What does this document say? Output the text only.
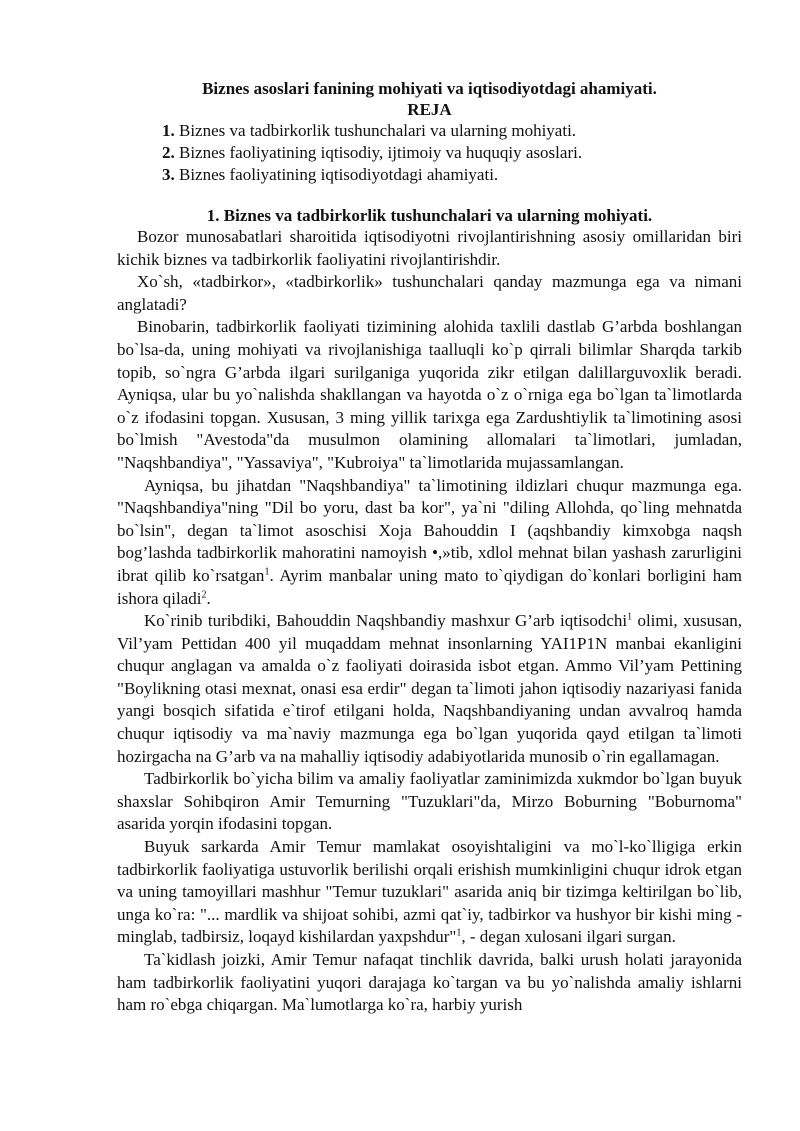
Biznes asoslari fanining mohiyati va iqtisodiyotdagi ahamiyati.

REJA

1. Biznes va tadbirkorlik tushunchalari va ularning mohiyati.
2. Biznes faoliyatining iqtisodiy, ijtimoiy va huquqiy asoslari.
3. Biznes faoliyatining iqtisodiyotdagi ahamiyati.

1. Biznes va tadbirkorlik tushunchalari va ularning mohiyati.

Bozor munosabatlari sharoitida iqtisodiyotni rivojlantirishning asosiy omillaridan biri kichik biznes va tadbirkorlik faoliyatini rivojlantirishdir.

Xo`sh, «tadbirkor», «tadbirkorlik» tushunchalari qanday mazmunga ega va nimani anglatadi?

Binobarin, tadbirkorlik faoliyati tizimining alohida taxlili dastlab G’arbda boshlangan bo`lsa-da, uning mohiyati va rivojlanishiga taalluqli ko`p qirrali bilimlar Sharqda tarkib topib, so`ngra G’arbda ilgari surilganiga yuqorida zikr etilgan dalillarguvoxlik beradi. Ayniqsa, ular bu yo`nalishda shakllangan va hayotda o`z o`rniga ega bo`lgan ta`limotlarda o`z ifodasini topgan. Xususan, 3 ming yillik tarixga ega Zardushtiylik ta`limotining asosi bo`lmish "Avestoda"da musulmon olamining allomalari ta`limotlari, jumladan, "Naqshbandiya", "Yassaviya", "Kubroiya" ta`limotlarida mujassamlangan.

Ayniqsa, bu jihatdan "Naqshbandiya" ta`limotining ildizlari chuqur mazmunga ega. "Naqshbandiya"ning "Dil bo yoru, dast ba kor", ya`ni "diling Allohda, qo`ling mehnatda bo`lsin", degan ta`limot asoschisi Xoja Bahouddin I (aqshbandiy kimxobga naqsh bog’lashda tadbirkorlik mahoratini namoyish •,»tib, xdlol mehnat bilan yashash zarurligini ibrat qilib ko`rsatgan$^1$. Ayrim manbalar uning mato to`qiydigan do`konlari borligini ham ishora qiladi$^2$.

Ko`rinib turibdiki, Bahouddin Naqshbandiy mashxur G’arb iqtisodchi$^1$ olimi, xususan, Vil’yam Pettidan 400 yil muqaddam mehnat insonlarning YAI1P1N manbai ekanligini chuqur anglagan va amalda o`z faoliyati doirasida isbot etgan. Ammo Vil’yam Pettining "Boylikning otasi mexnat, onasi esa erdir" degan ta`limoti jahon iqtisodiy nazariyasi fanida yangi bosqich sifatida e`tirof etilgani holda, Naqshbandiyaning undan avvalroq hamda chuqur iqtisodiy va ma`naviy mazmunga ega bo`lgan yuqorida qayd etilgan ta`limoti hozirgacha na G’arb va na mahalliy iqtisodiy adabiyotlarida munosib o`rin egallamagan.

Tadbirkorlik bo`yicha bilim va amaliy faoliyatlar zaminimizda xukmdor bo`lgan buyuk shaxslar Sohibqiron Amir Temurning "Tuzuklari"da, Mirzo Boburning "Boburnoma" asarida yorqin ifodasini topgan.

Buyuk sarkarda Amir Temur mamlakat osoyishtaligini va mo`l-ko`lligiga erkin tadbirkorlik faoliyatiga ustuvorlik berilishi orqali erishish mumkinligini chuqur idrok etgan va uning tamoyillari mashhur "Temur tuzuklari" asarida aniq bir tizimga keltirilgan bo`lib, unga ko`ra: "... mardlik va shijoat sohibi, azmi qat`iy, tadbirkor va hushyor bir kishi ming - minglab, tadbirsiz, loqayd kishilardan yaxpshdur"$^1$, - degan xulosani ilgari surgan.

Ta`kidlash joizki, Amir Temur nafaqat tinchlik davrida, balki urush holati jarayonida ham tadbirkorlik faoliyatini yuqori darajaga ko`targan va bu yo`nalishda amaliy ishlarni ham ro`ebga chiqargan. Ma`lumotlarga ko`ra, harbiy yurish
